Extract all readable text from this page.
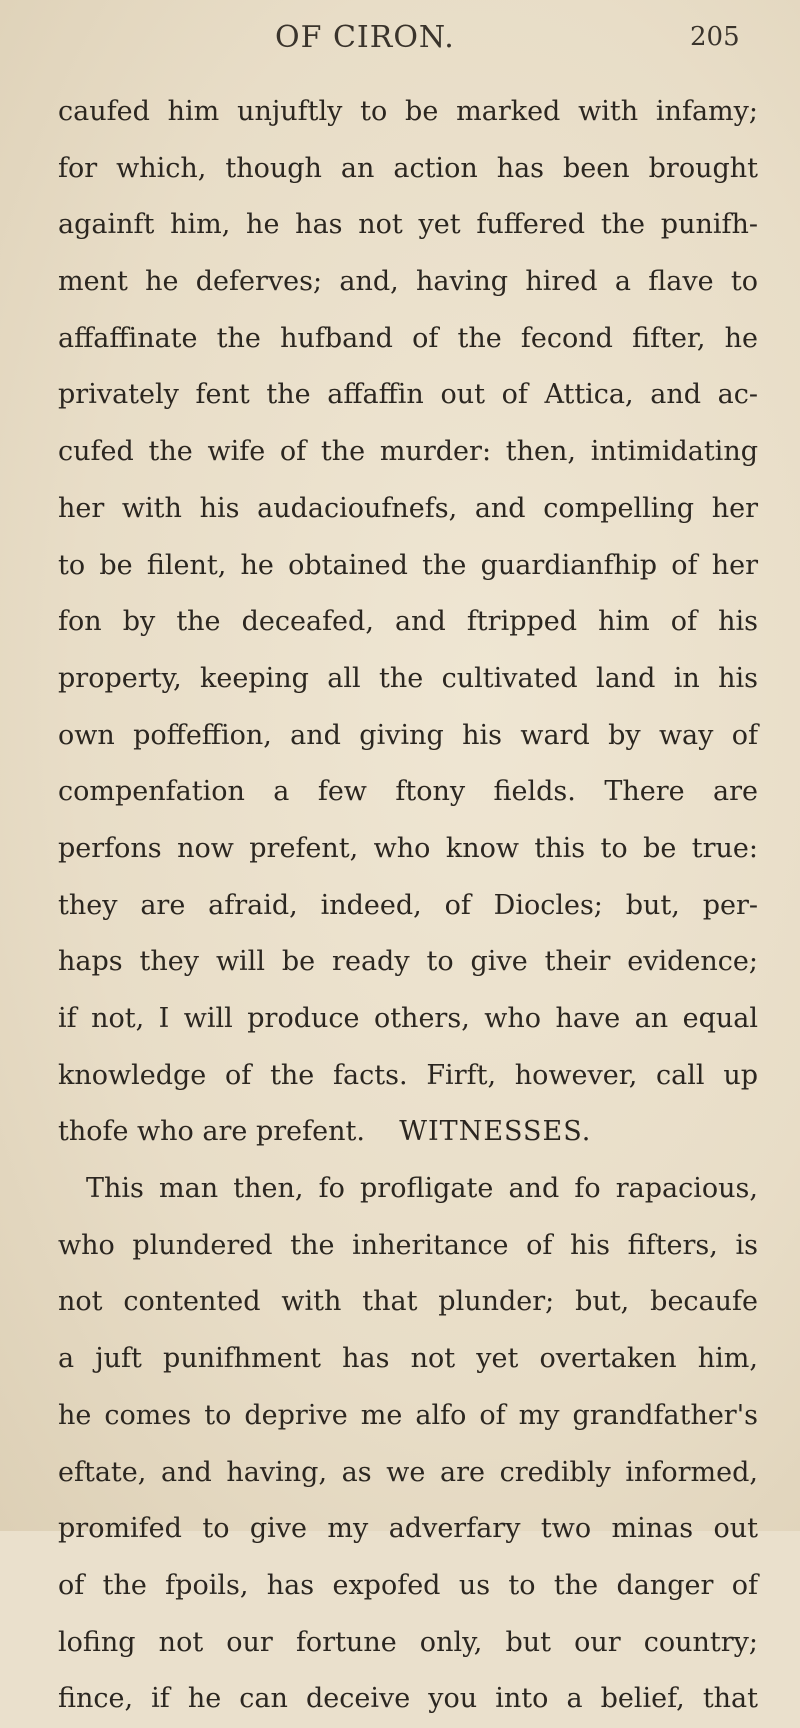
OF CIRON.	205
caufed him unjuftly to be marked with infamy;
for which, though an action has been brought
againft him, he has not yet fuffered the punifh-
ment he deferves; and, having hired a flave to
affaffinate the hufband of the fecond fifter, he
privately fent the affaffin out of Attica, and ac-
cufed the wife of the murder: then, intimidating
her with his audacioufnefs, and compelling her
to be filent, he obtained the guardianfhip of her
fon by the deceafed, and ftripped him of his
property, keeping all the cultivated land in his
own poffeffion, and giving his ward by way of
compenfation a few ftony fields. There are
perfons now prefent, who know this to be true:
they are afraid, indeed, of Diocles; but, per-
haps they will be ready to give their evidence;
if not, I will produce others, who have an equal
knowledge of the facts. Firft, however, call up
thofe who are prefent. WITNESSES.
This man then, fo profligate and fo rapacious,
who plundered the inheritance of his fifters, is
not contented with that plunder; but, becaufe
a juft punifhment has not yet overtaken him,
he comes to deprive me alfo of my grandfather's
eftate, and having, as we are credibly informed,
promifed to give my adverfary two minas out
of the fpoils, has expofed us to the danger of
lofing not our fortune only, but our country;
fince, if he can deceive you into a belief, that
